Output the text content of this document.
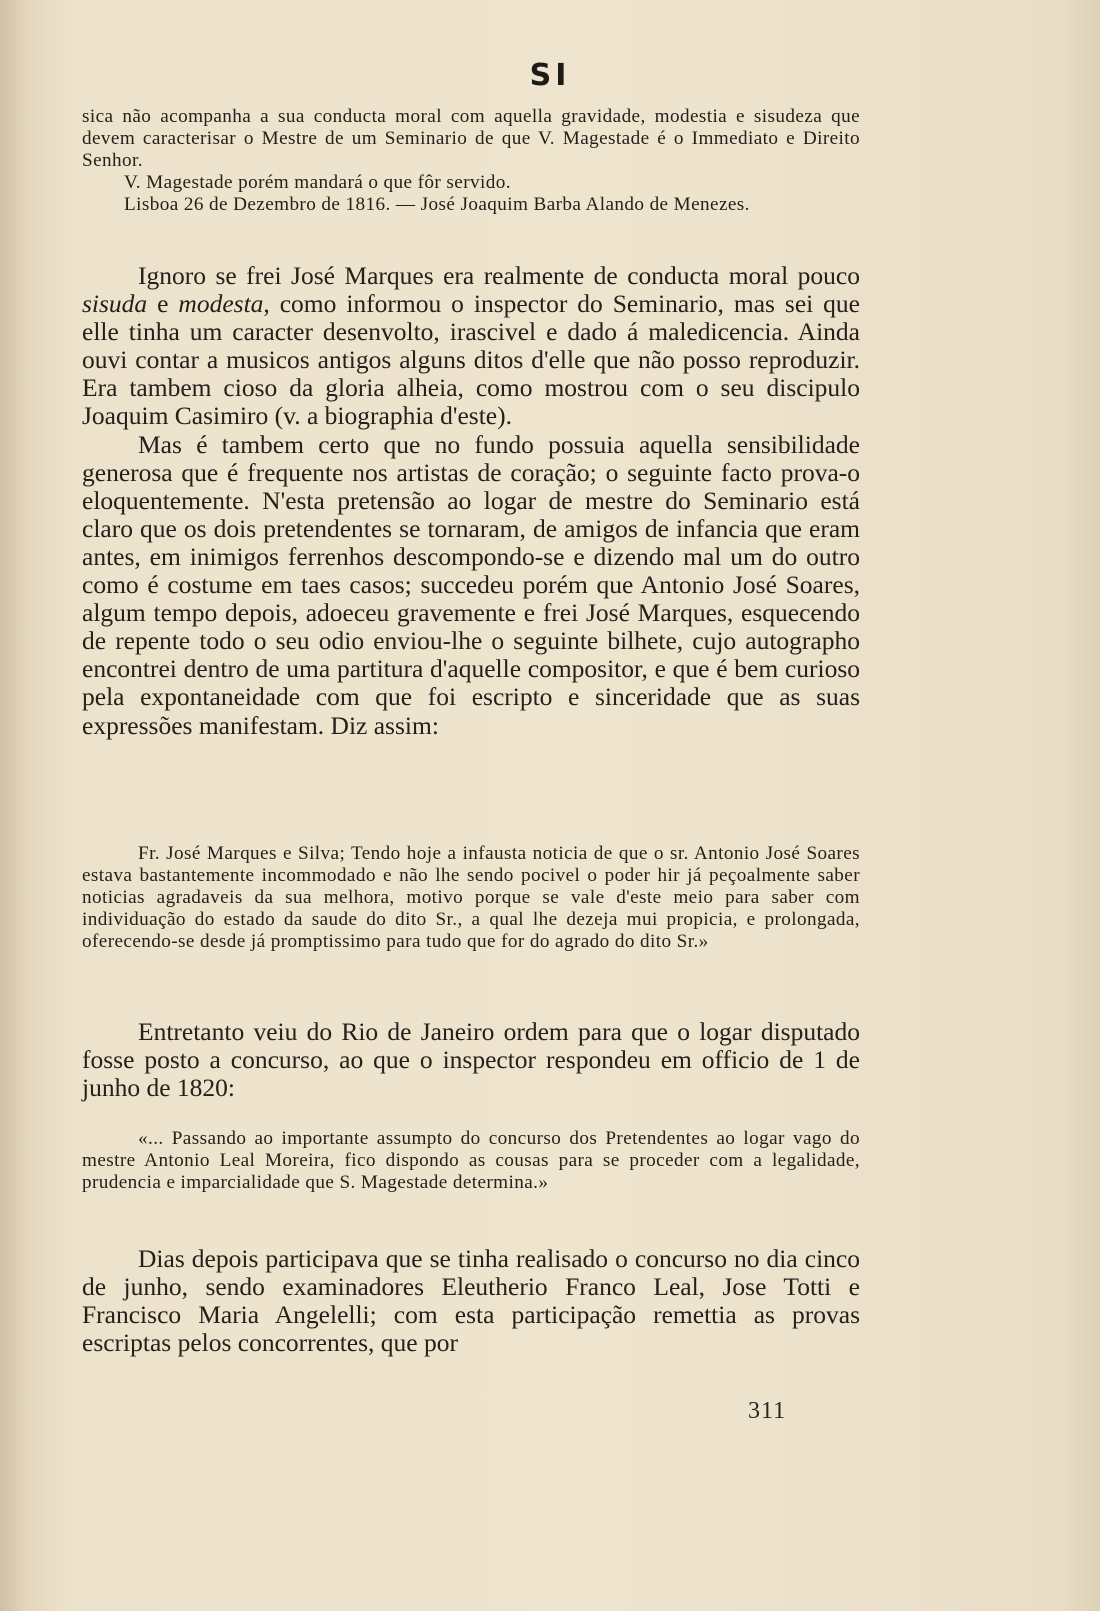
SI

sica não acompanha a sua conducta moral com aquella gravidade, modestia e sisudeza que devem caracterisar o Mestre de um Seminario de que V. Magestade é o Immediato e Direito Senhor.

V. Magestade porém mandará o que fôr servido.

Lisboa 26 de Dezembro de 1816. — José Joaquim Barba Alando de Menezes.

Ignoro se frei José Marques era realmente de conducta moral pouco sisuda e modesta, como informou o inspector do Seminario, mas sei que elle tinha um caracter desenvolto, irascivel e dado á maledicencia. Ainda ouvi contar a musicos antigos alguns ditos d'elle que não posso reproduzir. Era tambem cioso da gloria alheia, como mostrou com o seu discipulo Joaquim Casimiro (v. a biographia d'este).

Mas é tambem certo que no fundo possuia aquella sensibilidade generosa que é frequente nos artistas de coração; o seguinte facto prova-o eloquentemente. N'esta pretensão ao logar de mestre do Seminario está claro que os dois pretendentes se tornaram, de amigos de infancia que eram antes, em inimigos ferrenhos descompondo-se e dizendo mal um do outro como é costume em taes casos; succedeu porém que Antonio José Soares, algum tempo depois, adoeceu gravemente e frei José Marques, esquecendo de repente todo o seu odio enviou-lhe o seguinte bilhete, cujo autographo encontrei dentro de uma partitura d'aquelle compositor, e que é bem curioso pela expontaneidade com que foi escripto e sinceridade que as suas expressões manifestam. Diz assim:

Fr. José Marques e Silva; Tendo hoje a infausta noticia de que o sr. Antonio José Soares estava bastantemente incommodado e não lhe sendo pocivel o poder hir já peçoalmente saber noticias agradaveis da sua melhora, motivo porque se vale d'este meio para saber com individuação do estado da saude do dito Sr., a qual lhe dezeja mui propicia, e prolongada, oferecendo-se desde já promptissimo para tudo que for do agrado do dito Sr.»

Entretanto veiu do Rio de Janeiro ordem para que o logar disputado fosse posto a concurso, ao que o inspector respondeu em officio de 1 de junho de 1820:

«... Passando ao importante assumpto do concurso dos Pretendentes ao logar vago do mestre Antonio Leal Moreira, fico dispondo as cousas para se proceder com a legalidade, prudencia e imparcialidade que S. Magestade determina.»

Dias depois participava que se tinha realisado o concurso no dia cinco de junho, sendo examinadores Eleutherio Franco Leal, Jose Totti e Francisco Maria Angelelli; com esta participação remettia as provas escriptas pelos concorrentes, que por

311
